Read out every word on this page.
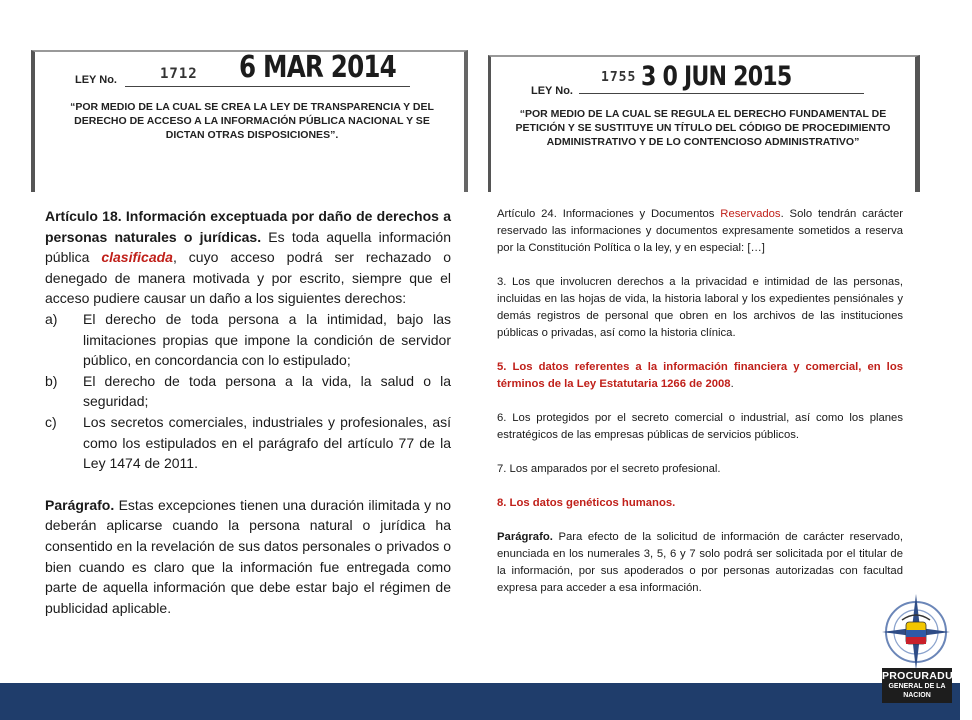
LEY No.	1712 6 MAR 2014
“POR MEDIO DE LA CUAL SE CREA LA LEY DE TRANSPARENCIA Y DEL DERECHO DE ACCESO A LA INFORMACIÓN PÚBLICA NACIONAL Y SE DICTAN OTRAS DISPOSICIONES”.
LEY No.
1755 3 0 JUN 2015
“POR MEDIO DE LA CUAL SE REGULA EL DERECHO FUNDAMENTAL DE PETICIÓN Y SE SUSTITUYE UN TÍTULO DEL CÓDIGO DE PROCEDIMIENTO ADMINISTRATIVO Y DE LO CONTENCIOSO ADMINISTRATIVO”

Artículo 18. Información exceptuada por daño de derechos a personas naturales o jurídicas. Es toda aquella información pública clasificada, cuyo acceso podrá ser rechazado o denegado de manera motivada y por escrito, siempre que el acceso pudiere causar un daño a los siguientes derechos:

a) El derecho de toda persona a la intimidad, bajo las limitaciones propias que impone la condición de servidor público, en concordancia con lo estipulado;
b) El derecho de toda persona a la vida, la salud o la seguridad;
c) Los secretos comerciales, industriales y profesionales, así como los estipulados en el parágrafo del artículo 77 de la Ley 1474 de 2011.

Parágrafo. Estas excepciones tienen una duración ilimitada y no deberán aplicarse cuando la persona natural o jurídica ha consentido en la revelación de sus datos personales o privados o bien cuando es claro que la información fue entregada como parte de aquella información que debe estar bajo el régimen de publicidad aplicable.

Artículo 24. Informaciones y Documentos Reservados. Solo tendrán carácter reservado las informaciones y documentos expresamente sometidos a reserva por la Constitución Política o la ley, y en especial: […]

3. Los que involucren derechos a la privacidad e intimidad de las personas, incluidas en las hojas de vida, la historia laboral y los expedientes pensiónales y demás registros de personal que obren en los archivos de las instituciones públicas o privadas, así como la historia clínica.

5. Los datos referentes a la información financiera y comercial, en los términos de la Ley Estatutaria 1266 de 2008.

6. Los protegidos por el secreto comercial o industrial, así como los planes estratégicos de las empresas públicas de servicios públicos.

7. Los amparados por el secreto profesional.

8. Los datos genéticos humanos.

Parágrafo. Para efecto de la solicitud de información de carácter reservado, enunciada en los numerales 3, 5, 6 y 7 solo podrá ser solicitada por el titular de la información, por sus apoderados o por personas autorizadas con facultad expresa para acceder a esa información.

PROCURADURIA
GENERAL DE LA NACION
